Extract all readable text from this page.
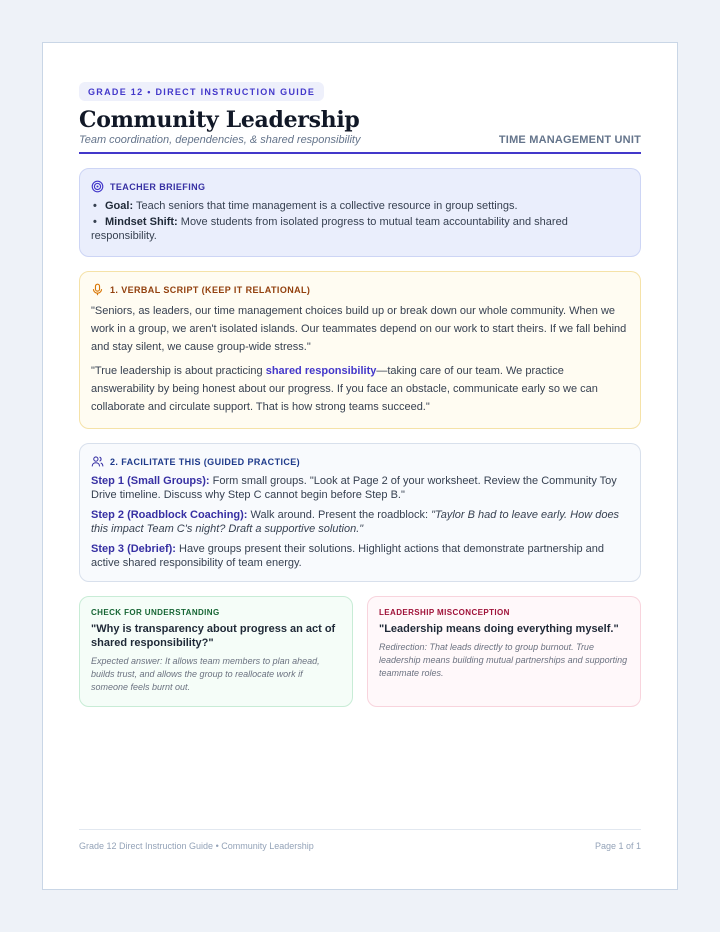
GRADE 12 • DIRECT INSTRUCTION GUIDE
Community Leadership
Team coordination, dependencies, & shared responsibility	TIME MANAGEMENT UNIT
TEACHER BRIEFING
• Goal: Teach seniors that time management is a collective resource in group settings.
• Mindset Shift: Move students from isolated progress to mutual team accountability and shared responsibility.
1. VERBAL SCRIPT (KEEP IT RELATIONAL)

"Seniors, as leaders, our time management choices build up or break down our whole community. When we work in a group, we aren't isolated islands. Our teammates depend on our work to start theirs. If we fall behind and stay silent, we cause group-wide stress."

"True leadership is about practicing shared responsibility—taking care of our team. We practice answerability by being honest about our progress. If you face an obstacle, communicate early so we can collaborate and circulate support. That is how strong teams succeed."

2. FACILITATE THIS (GUIDED PRACTICE)

Step 1 (Small Groups): Form small groups. "Look at Page 2 of your worksheet. Review the Community Toy Drive timeline. Discuss why Step C cannot begin before Step B."

Step 2 (Roadblock Coaching): Walk around. Present the roadblock: "Taylor B had to leave early. How does this impact Team C's night? Draft a supportive solution."

Step 3 (Debrief): Have groups present their solutions. Highlight actions that demonstrate partnership and active shared responsibility of team energy.

CHECK FOR UNDERSTANDING
"Why is transparency about progress an act of shared responsibility?"
Expected answer: It allows team members to plan ahead, builds trust, and allows the group to reallocate work if someone feels burnt out.
LEADERSHIP MISCONCEPTION
"Leadership means doing everything myself."
Redirection: That leads directly to group burnout. True leadership means building mutual partnerships and supporting teammate roles.
Grade 12 Direct Instruction Guide • Community Leadership	Page 1 of 1
